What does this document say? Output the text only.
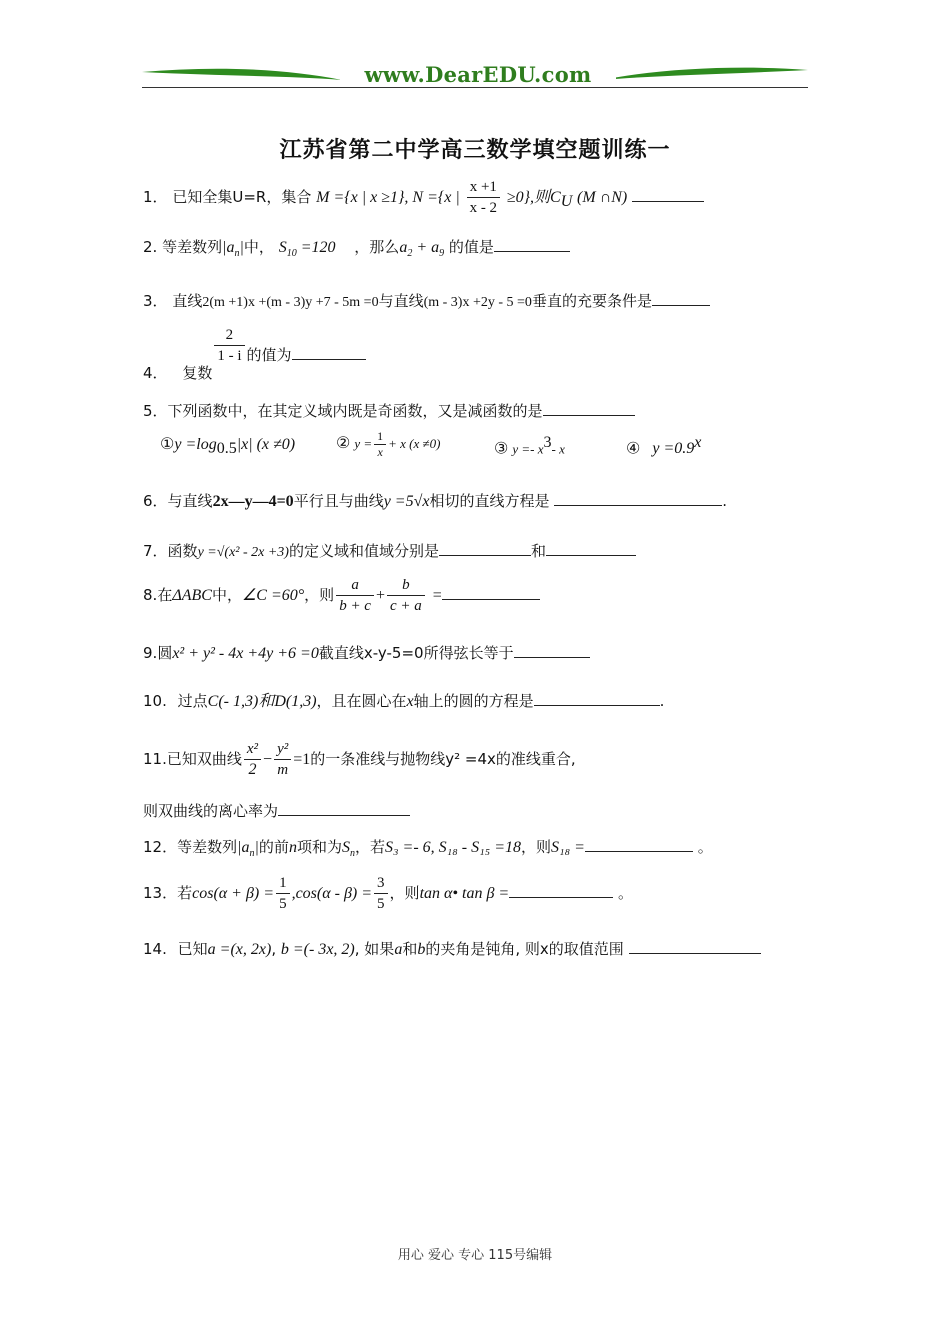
www.DearEDU.com
江苏省第二中学高三数学填空题训练一
1． 已知全集U=R，集合 M ={x | x ≥1}, N ={x | $\frac{x +1}{x - 2} \ge 0$},则$C_U$ (M ∩N)
2. 等差数列$|a_n|$中， $S_{10} =120$ ，那么$a_2 + a_9$ 的值是
3． 直线2(m +1)x +(m - 3)y +7 - 5m =0与直线(m - 3)x +2y - 5 =0垂直的充要条件是
4． 复数
$\frac{2}{1 - i}$ 的值为
5．下列函数中，在其定义域内既是奇函数，又是减函数的是
①y $=\log_{0.5}|x|$ (x ≠0)	② $y = \frac{1}{x} + x$ (x ≠0)	③ $y =- x^3-$ x	④ $y =0.9^x$
6．与直线2x—y—4=0平行且与曲线y =5√x相切的直线方程是	.
7．函数y =√(x² - 2x +3)的定义域和值域分别是	和
8.在ΔABC中，∠C =60°，则 $\frac{a}{b + c} + \frac{b}{c + a}$ =
9.圆x² + y² - 4x +4y +6 =0截直线x-y-5=0所得弦长等于
10. 过点C(- 1,3)和D(1,3)，且在圆心在x轴上的圆的方程是	.
11.已知双曲线 $\frac{\text{x²}}{2} - \frac{\text{y²}}{m} =1$的一条准线与抛物线y² =4x的准线重合,
则双曲线的离心率为
12．等差数列$|a_n|$的前n项和为$S_n$，若S₃ =- 6, S₁₈ - S₁₅ =18，则S₁₈ =	。
13．若$\cos(\alpha + \beta) = \frac{1}{5} ,\cos(\alpha - \beta) = \frac{3}{5}$ ，则tan α• tan β =	。
14. 已知a =(x, 2x), b =(- 3x, 2), 如果a和b的夹角是钝角, 则x的取值范围
用心 爱心 专心 115号编辑
